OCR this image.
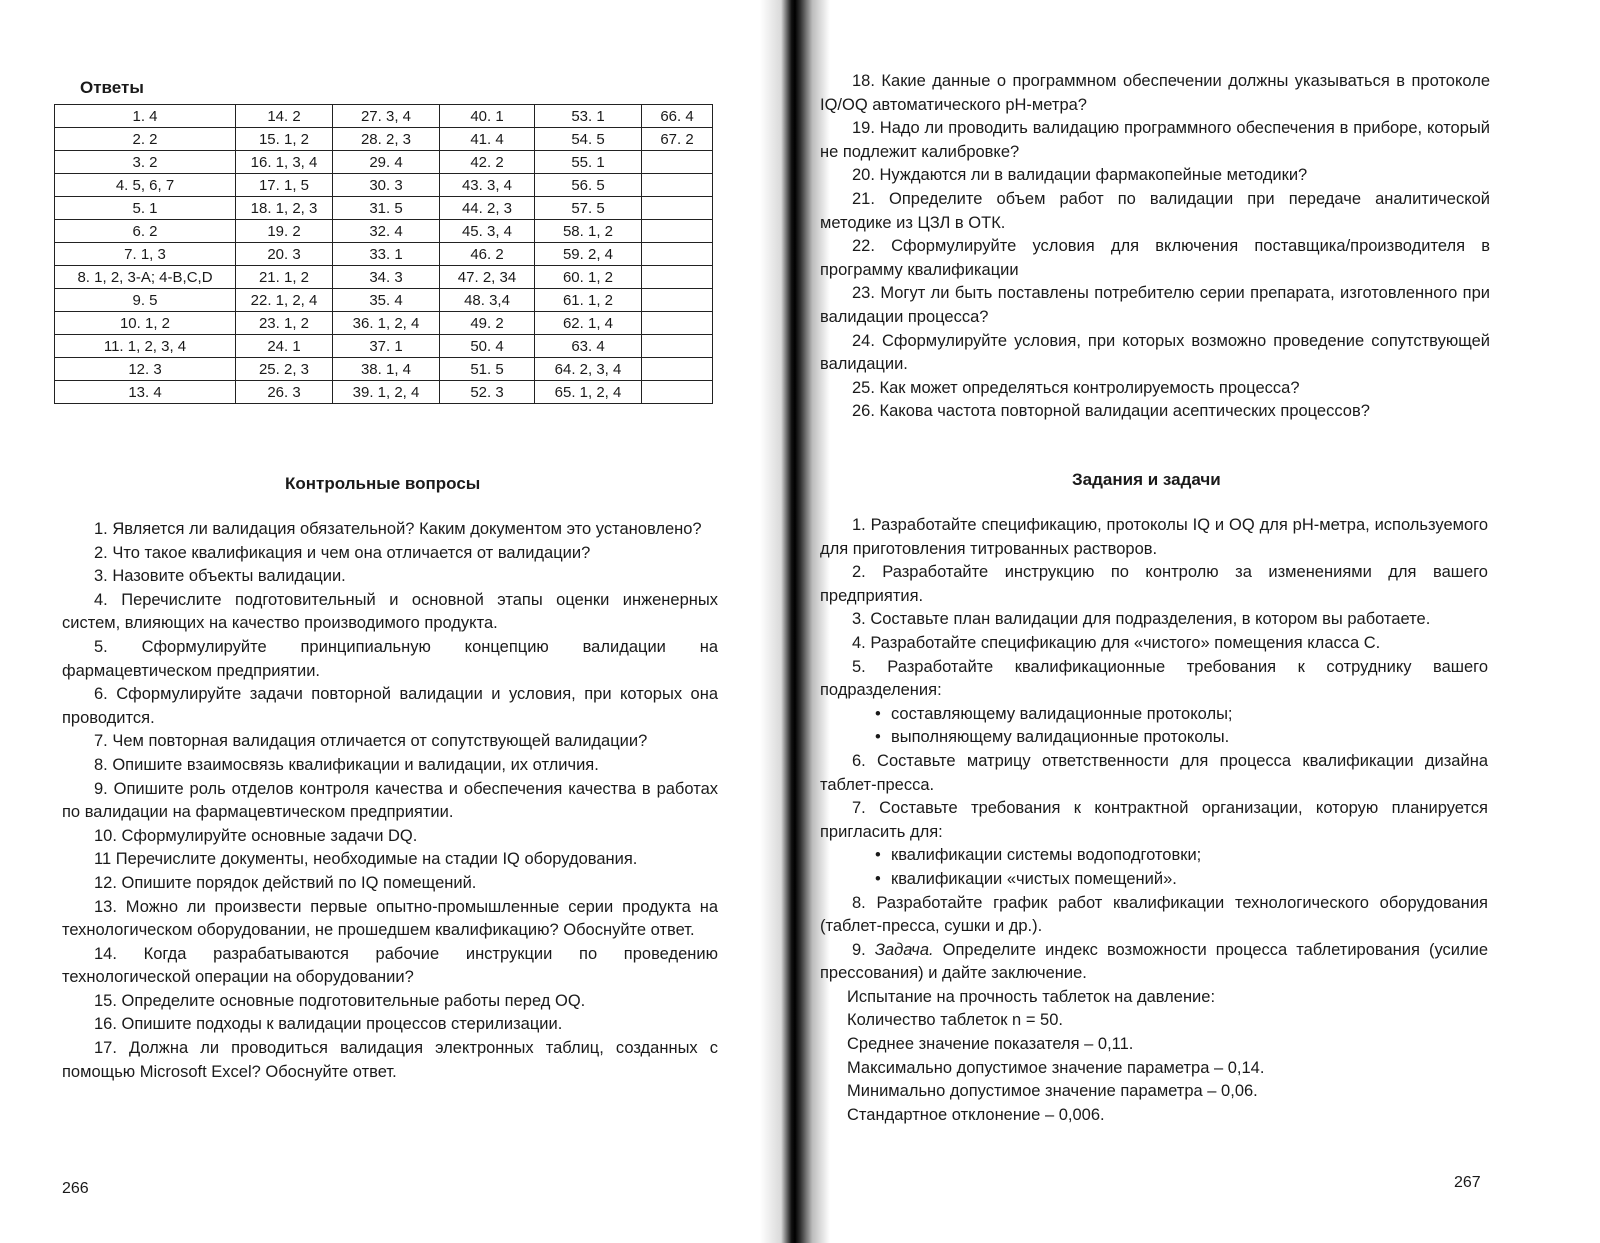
Ответы
1. 4	14. 2	27. 3, 4	40. 1	53. 1	66. 4
2. 2	15. 1, 2	28. 2, 3	41. 4	54. 5	67. 2
3. 2	16. 1, 3, 4	29. 4	42. 2	55. 1	
4. 5, 6, 7	17. 1, 5	30. 3	43. 3, 4	56. 5	
5. 1	18. 1, 2, 3	31. 5	44. 2, 3	57. 5	
6. 2	19. 2	32. 4	45. 3, 4	58. 1, 2	
7. 1, 3	20. 3	33. 1	46. 2	59. 2, 4	
8. 1, 2, 3-A; 4-B,C,D	21. 1, 2	34. 3	47. 2, 34	60. 1, 2	
9. 5	22. 1, 2, 4	35. 4	48. 3,4	61. 1, 2	
10. 1, 2	23. 1, 2	36. 1, 2, 4	49. 2	62. 1, 4	
11. 1, 2, 3, 4	24. 1	37. 1	50. 4	63. 4	
12. 3	25. 2, 3	38. 1, 4	51. 5	64. 2, 3, 4	
13. 4	26. 3	39. 1, 2, 4	52. 3	65. 1, 2, 4	
Контрольные вопросы

1. Является ли валидация обязательной? Каким документом это установлено?

2. Что такое квалификация и чем она отличается от валидации?

3. Назовите объекты валидации.

4. Перечислите подготовительный и основной этапы оценки инженерных систем, влияющих на качество производимого продукта.

5. Сформулируйте принципиальную концепцию валидации на фармацевтическом предприятии.

6. Сформулируйте задачи повторной валидации и условия, при которых она проводится.

7. Чем повторная валидация отличается от сопутствующей валидации?

8. Опишите взаимосвязь квалификации и валидации, их отличия.

9. Опишите роль отделов контроля качества и обеспечения качества в работах по валидации на фармацевтическом предприятии.

10. Сформулируйте основные задачи DQ.

11 Перечислите документы, необходимые на стадии IQ оборудования.

12. Опишите порядок действий по IQ помещений.

13. Можно ли произвести первые опытно-промышленные серии продукта на технологическом оборудовании, не прошедшем квалификацию? Обоснуйте ответ.

14. Когда разрабатываются рабочие инструкции по проведению технологической операции на оборудовании?

15. Определите основные подготовительные работы перед OQ.

16. Опишите подходы к валидации процессов стерилизации.

17. Должна ли проводиться валидация электронных таблиц, созданных с помощью Microsoft Excel? Обоснуйте ответ.

266

18. Какие данные о программном обеспечении должны указываться в протоколе IQ/OQ автоматического pH-метра?

19. Надо ли проводить валидацию программного обеспечения в приборе, который не подлежит калибровке?

20. Нуждаются ли в валидации фармакопейные методики?

21. Определите объем работ по валидации при передаче аналитической методике из ЦЗЛ в ОТК.

22. Сформулируйте условия для включения поставщика/производителя в программу квалификации

23. Могут ли быть поставлены потребителю серии препарата, изготовленного при валидации процесса?

24. Сформулируйте условия, при которых возможно проведение сопутствующей валидации.

25. Как может определяться контролируемость процесса?

26. Какова частота повторной валидации асептических процессов?

Задания и задачи

1. Разработайте спецификацию, протоколы IQ и OQ для pH-метра, используемого для приготовления титрованных растворов.

2. Разработайте инструкцию по контролю за изменениями для вашего предприятия.

3. Составьте план валидации для подразделения, в котором вы работаете.

4. Разработайте спецификацию для «чистого» помещения класса С.

5. Разработайте квалификационные требования к сотруднику вашего подразделения:

• составляющему валидационные протоколы;

• выполняющему валидационные протоколы.

6. Составьте матрицу ответственности для процесса квалификации дизайна таблет-пресса.

7. Составьте требования к контрактной организации, которую планируется пригласить для:

• квалификации системы водоподготовки;

• квалификации «чистых помещений».

8. Разработайте график работ квалификации технологического оборудования (таблет-пресса, сушки и др.).

9. Задача. Определите индекс возможности процесса таблетирования (усилие прессования) и дайте заключение.

Испытание на прочность таблеток на давление:

Количество таблеток n = 50.

Среднее значение показателя – 0,11.

Максимально допустимое значение параметра – 0,14.

Минимально допустимое значение параметра – 0,06.

Стандартное отклонение – 0,006.

267
